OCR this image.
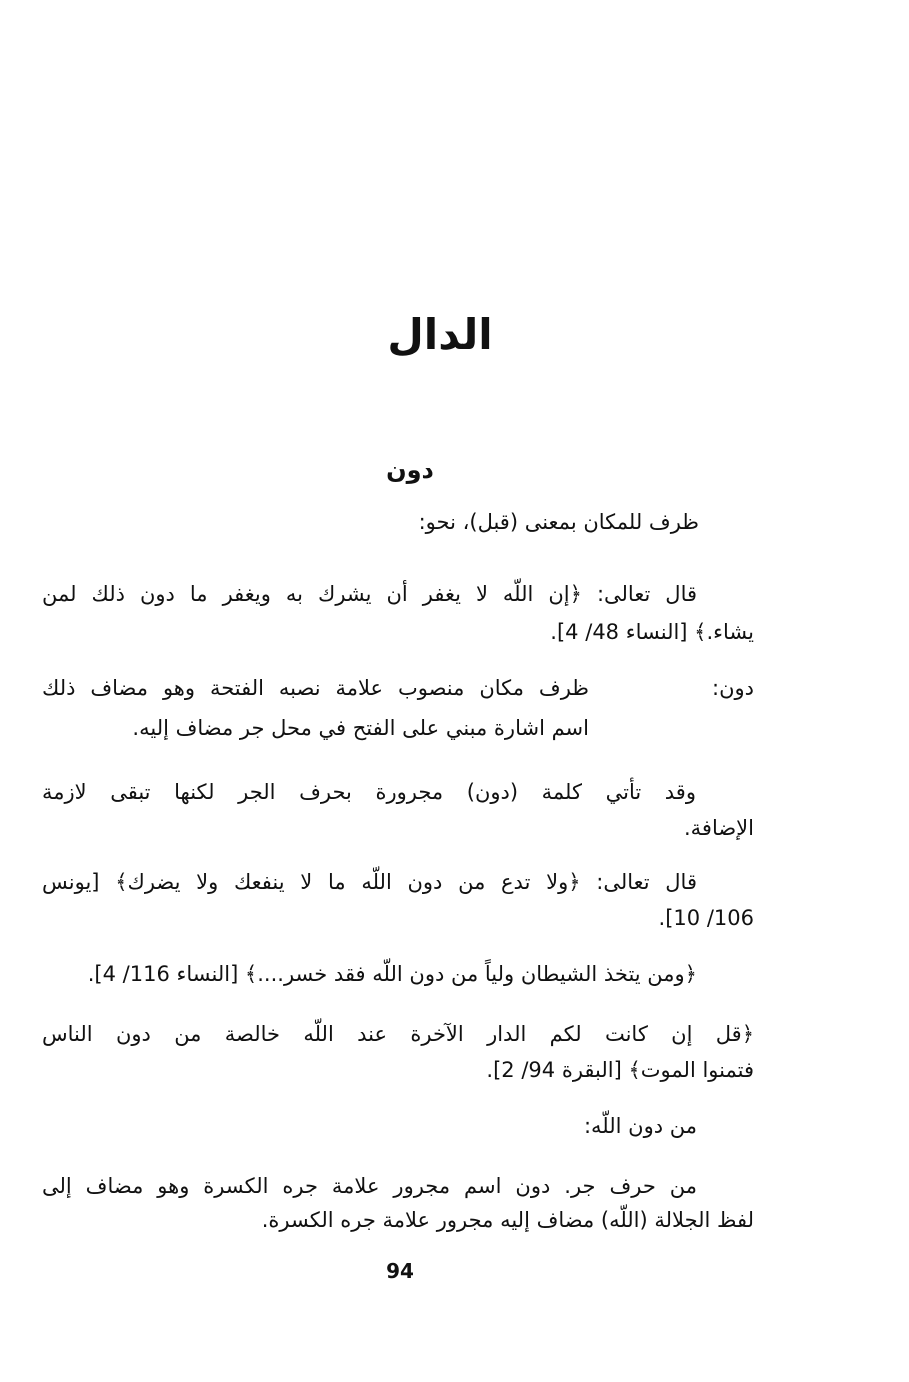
الدال
دون
ظرف للمكان بمعنى (قبل)، نحو:
قال تعالى: ﴿إن اللّه لا يغفر أن يشرك به ويغفر ما دون ذلك لمن
يشاء.﴾ [النساء 48/ 4].
دون:
ظرف مكان منصوب علامة نصبه الفتحة وهو مضاف ذلك
اسم اشارة مبني على الفتح في محل جر مضاف إليه.
وقد تأتي كلمة (دون) مجرورة بحرف الجر لكنها تبقى لازمة
الإضافة.
قال تعالى: ﴿ولا تدع من دون اللّه ما لا ينفعك ولا يضرك﴾ [يونس
106/ 10].
﴿ومن يتخذ الشيطان ولياً من دون اللّه فقد خسر....﴾ [النساء 116/ 4].
﴿قل إن كانت لكم الدار الآخرة عند اللّه خالصة من دون الناس
فتمنوا الموت﴾ [البقرة 94/ 2].
من دون اللّه:
من حرف جر. دون اسم مجرور علامة جره الكسرة وهو مضاف إلى
لفظ الجلالة (اللّه) مضاف إليه مجرور علامة جره الكسرة.
94
